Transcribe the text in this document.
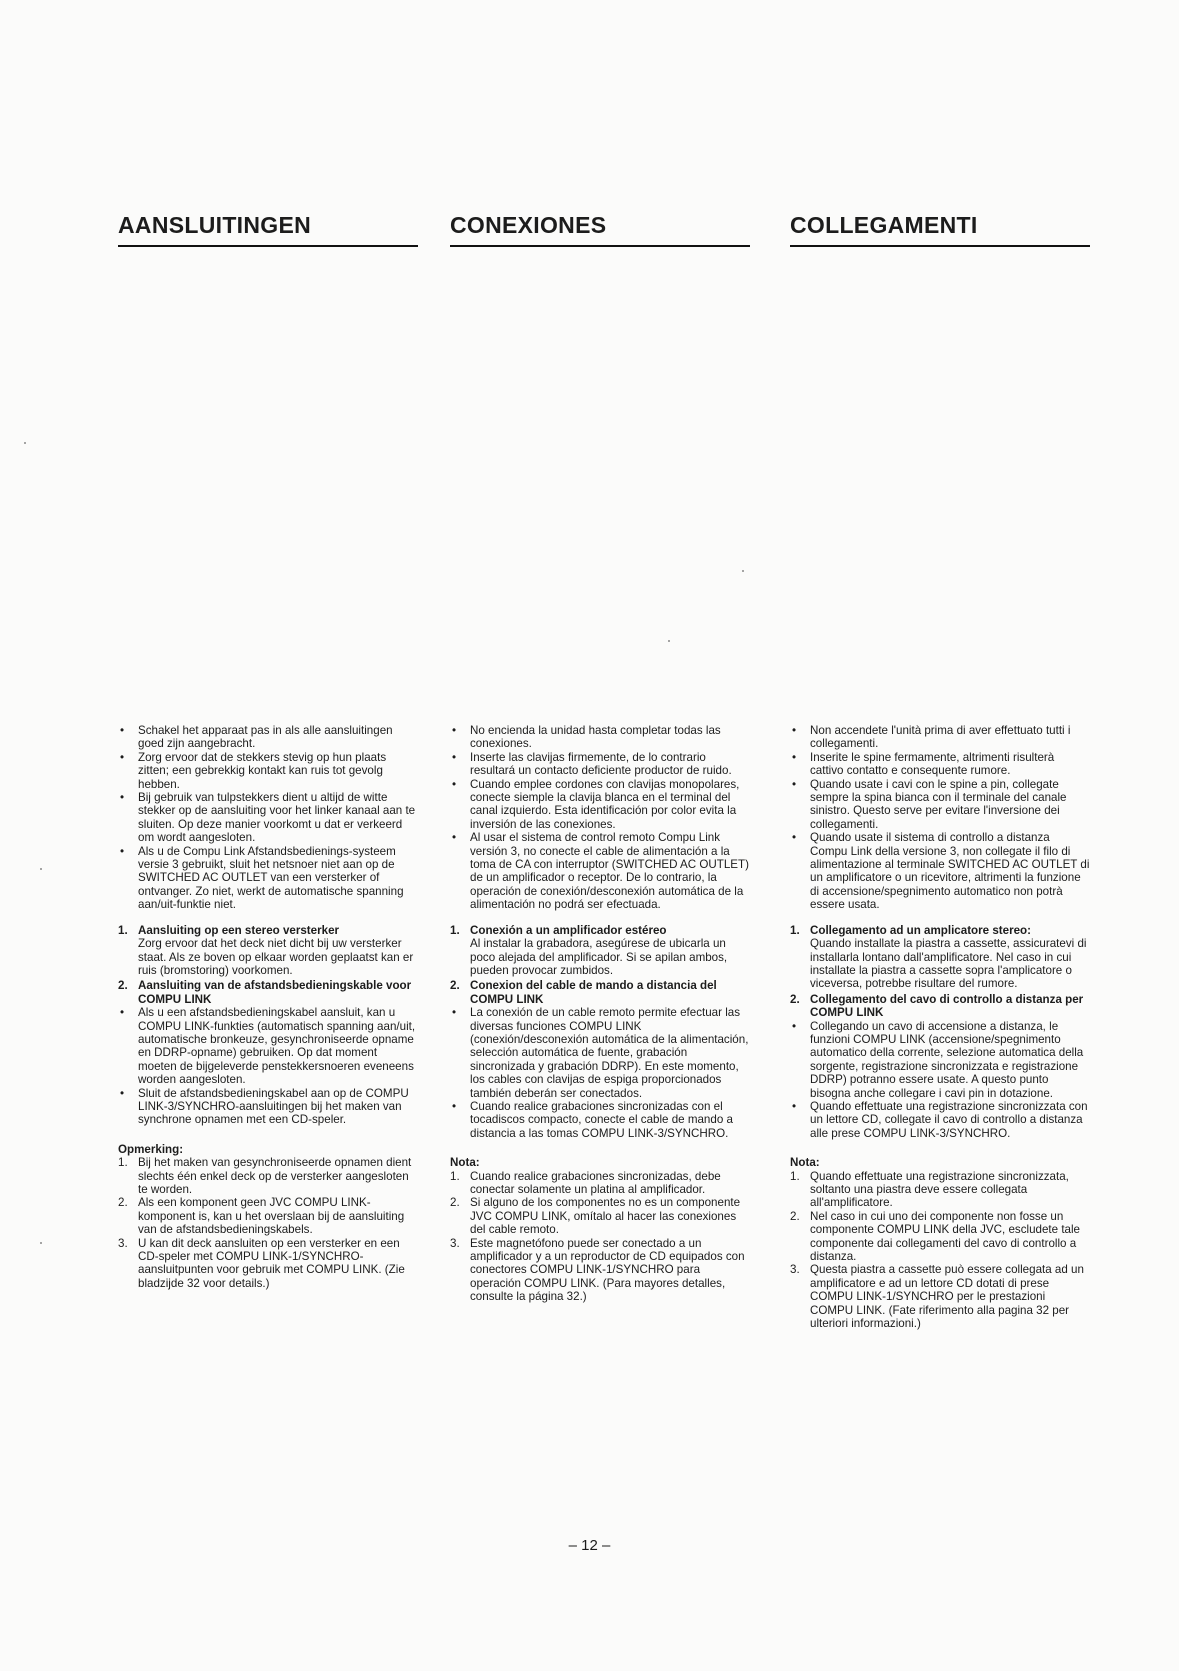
AANSLUITINGEN
• Schakel het apparaat pas in als alle aansluitingen goed zijn aangebracht.
• Zorg ervoor dat de stekkers stevig op hun plaats zitten; een gebrekkig kontakt kan ruis tot gevolg hebben.
• Bij gebruik van tulpstekkers dient u altijd de witte stekker op de aansluiting voor het linker kanaal aan te sluiten. Op deze manier voorkomt u dat er verkeerd om wordt aangesloten.
• Als u de Compu Link Afstandsbedienings-systeem versie 3 gebruikt, sluit het netsnoer niet aan op de SWITCHED AC OUTLET van een versterker of ontvanger. Zo niet, werkt de automatische spanning aan/uit-funktie niet.
1. Aansluiting op een stereo versterker
Zorg ervoor dat het deck niet dicht bij uw versterker staat. Als ze boven op elkaar worden geplaatst kan er ruis (bromstoring) voorkomen.
2. Aansluiting van de afstandsbedieningskable voor COMPU LINK
• Als u een afstandsbedieningskabel aansluit, kan u COMPU LINK-funkties (automatisch spanning aan/uit, automatische bronkeuze, gesynchroniseerde opname en DDRP-opname) gebruiken. Op dat moment moeten de bijgeleverde penstekkersnoeren eveneens worden aangesloten.
• Sluit de afstandsbedieningskabel aan op de COMPU LINK-3/SYNCHRO-aansluitingen bij het maken van synchrone opnamen met een CD-speler.
Opmerking:
1. Bij het maken van gesynchroniseerde opnamen dient slechts één enkel deck op de versterker aangesloten te worden.
2. Als een komponent geen JVC COMPU LINK-komponent is, kan u het overslaan bij de aansluiting van de afstandsbedieningskabels.
3. U kan dit deck aansluiten op een versterker en een CD-speler met COMPU LINK-1/SYNCHRO-aansluitpunten voor gebruik met COMPU LINK. (Zie bladzijde 32 voor details.)
CONEXIONES
• No encienda la unidad hasta completar todas las conexiones.
• Inserte las clavijas firmemente, de lo contrario resultará un contacto deficiente productor de ruido.
• Cuando emplee cordones con clavijas monopolares, conecte siemple la clavija blanca en el terminal del canal izquierdo. Esta identificación por color evita la inversión de las conexiones.
• Al usar el sistema de control remoto Compu Link versión 3, no conecte el cable de alimentación a la toma de CA con interruptor (SWITCHED AC OUTLET) de un amplificador o receptor. De lo contrario, la operación de conexión/desconexión automática de la alimentación no podrá ser efectuada.
1. Conexión a un amplificador estéreo
Al instalar la grabadora, asegúrese de ubicarla un poco alejada del amplificador. Si se apilan ambos, pueden provocar zumbidos.
2. Conexion del cable de mando a distancia del COMPU LINK
• La conexión de un cable remoto permite efectuar las diversas funciones COMPU LINK (conexión/desconexión automática de la alimentación, selección automática de fuente, grabación sincronizada y grabación DDRP). En este momento, los cables con clavijas de espiga proporcionados también deberán ser conectados.
• Cuando realice grabaciones sincronizadas con el tocadiscos compacto, conecte el cable de mando a distancia a las tomas COMPU LINK-3/SYNCHRO.
Nota:
1. Cuando realice grabaciones sincronizadas, debe conectar solamente un platina al amplificador.
2. Si alguno de los componentes no es un componente JVC COMPU LINK, omítalo al hacer las conexiones del cable remoto.
3. Este magnetófono puede ser conectado a un amplificador y a un reproductor de CD equipados con conectores COMPU LINK-1/SYNCHRO para operación COMPU LINK. (Para mayores detalles, consulte la página 32.)
COLLEGAMENTI
• Non accendete l'unità prima di aver effettuato tutti i collegamenti.
• Inserite le spine fermamente, altrimenti risulterà cattivo contatto e consequente rumore.
• Quando usate i cavi con le spine a pin, collegate sempre la spina bianca con il terminale del canale sinistro. Questo serve per evitare l'inversione dei collegamenti.
• Quando usate il sistema di controllo a distanza Compu Link della versione 3, non collegate il filo di alimentazione al terminale SWITCHED AC OUTLET di un amplificatore o un ricevitore, altrimenti la funzione di accensione/spegnimento automatico non potrà essere usata.
1. Collegamento ad un amplicatore stereo:
Quando installate la piastra a cassette, assicuratevi di installarla lontano dall'amplificatore. Nel caso in cui installate la piastra a cassette sopra l'amplicatore o viceversa, potrebbe risultare del rumore.
2. Collegamento del cavo di controllo a distanza per COMPU LINK
• Collegando un cavo di accensione a distanza, le funzioni COMPU LINK (accensione/spegnimento automatico della corrente, selezione automatica della sorgente, registrazione sincronizzata e registrazione DDRP) potranno essere usate. A questo punto bisogna anche collegare i cavi pin in dotazione.
• Quando effettuate una registrazione sincronizzata con un lettore CD, collegate il cavo di controllo a distanza alle prese COMPU LINK-3/SYNCHRO.
Nota:
1. Quando effettuate una registrazione sincronizzata, soltanto una piastra deve essere collegata all'amplificatore.
2. Nel caso in cui uno dei componente non fosse un componente COMPU LINK della JVC, escludete tale componente dai collegamenti del cavo di controllo a distanza.
3. Questa piastra a cassette può essere collegata ad un amplificatore e ad un lettore CD dotati di prese COMPU LINK-1/SYNCHRO per le prestazioni COMPU LINK. (Fate riferimento alla pagina 32 per ulteriori informazioni.)
– 12 –
